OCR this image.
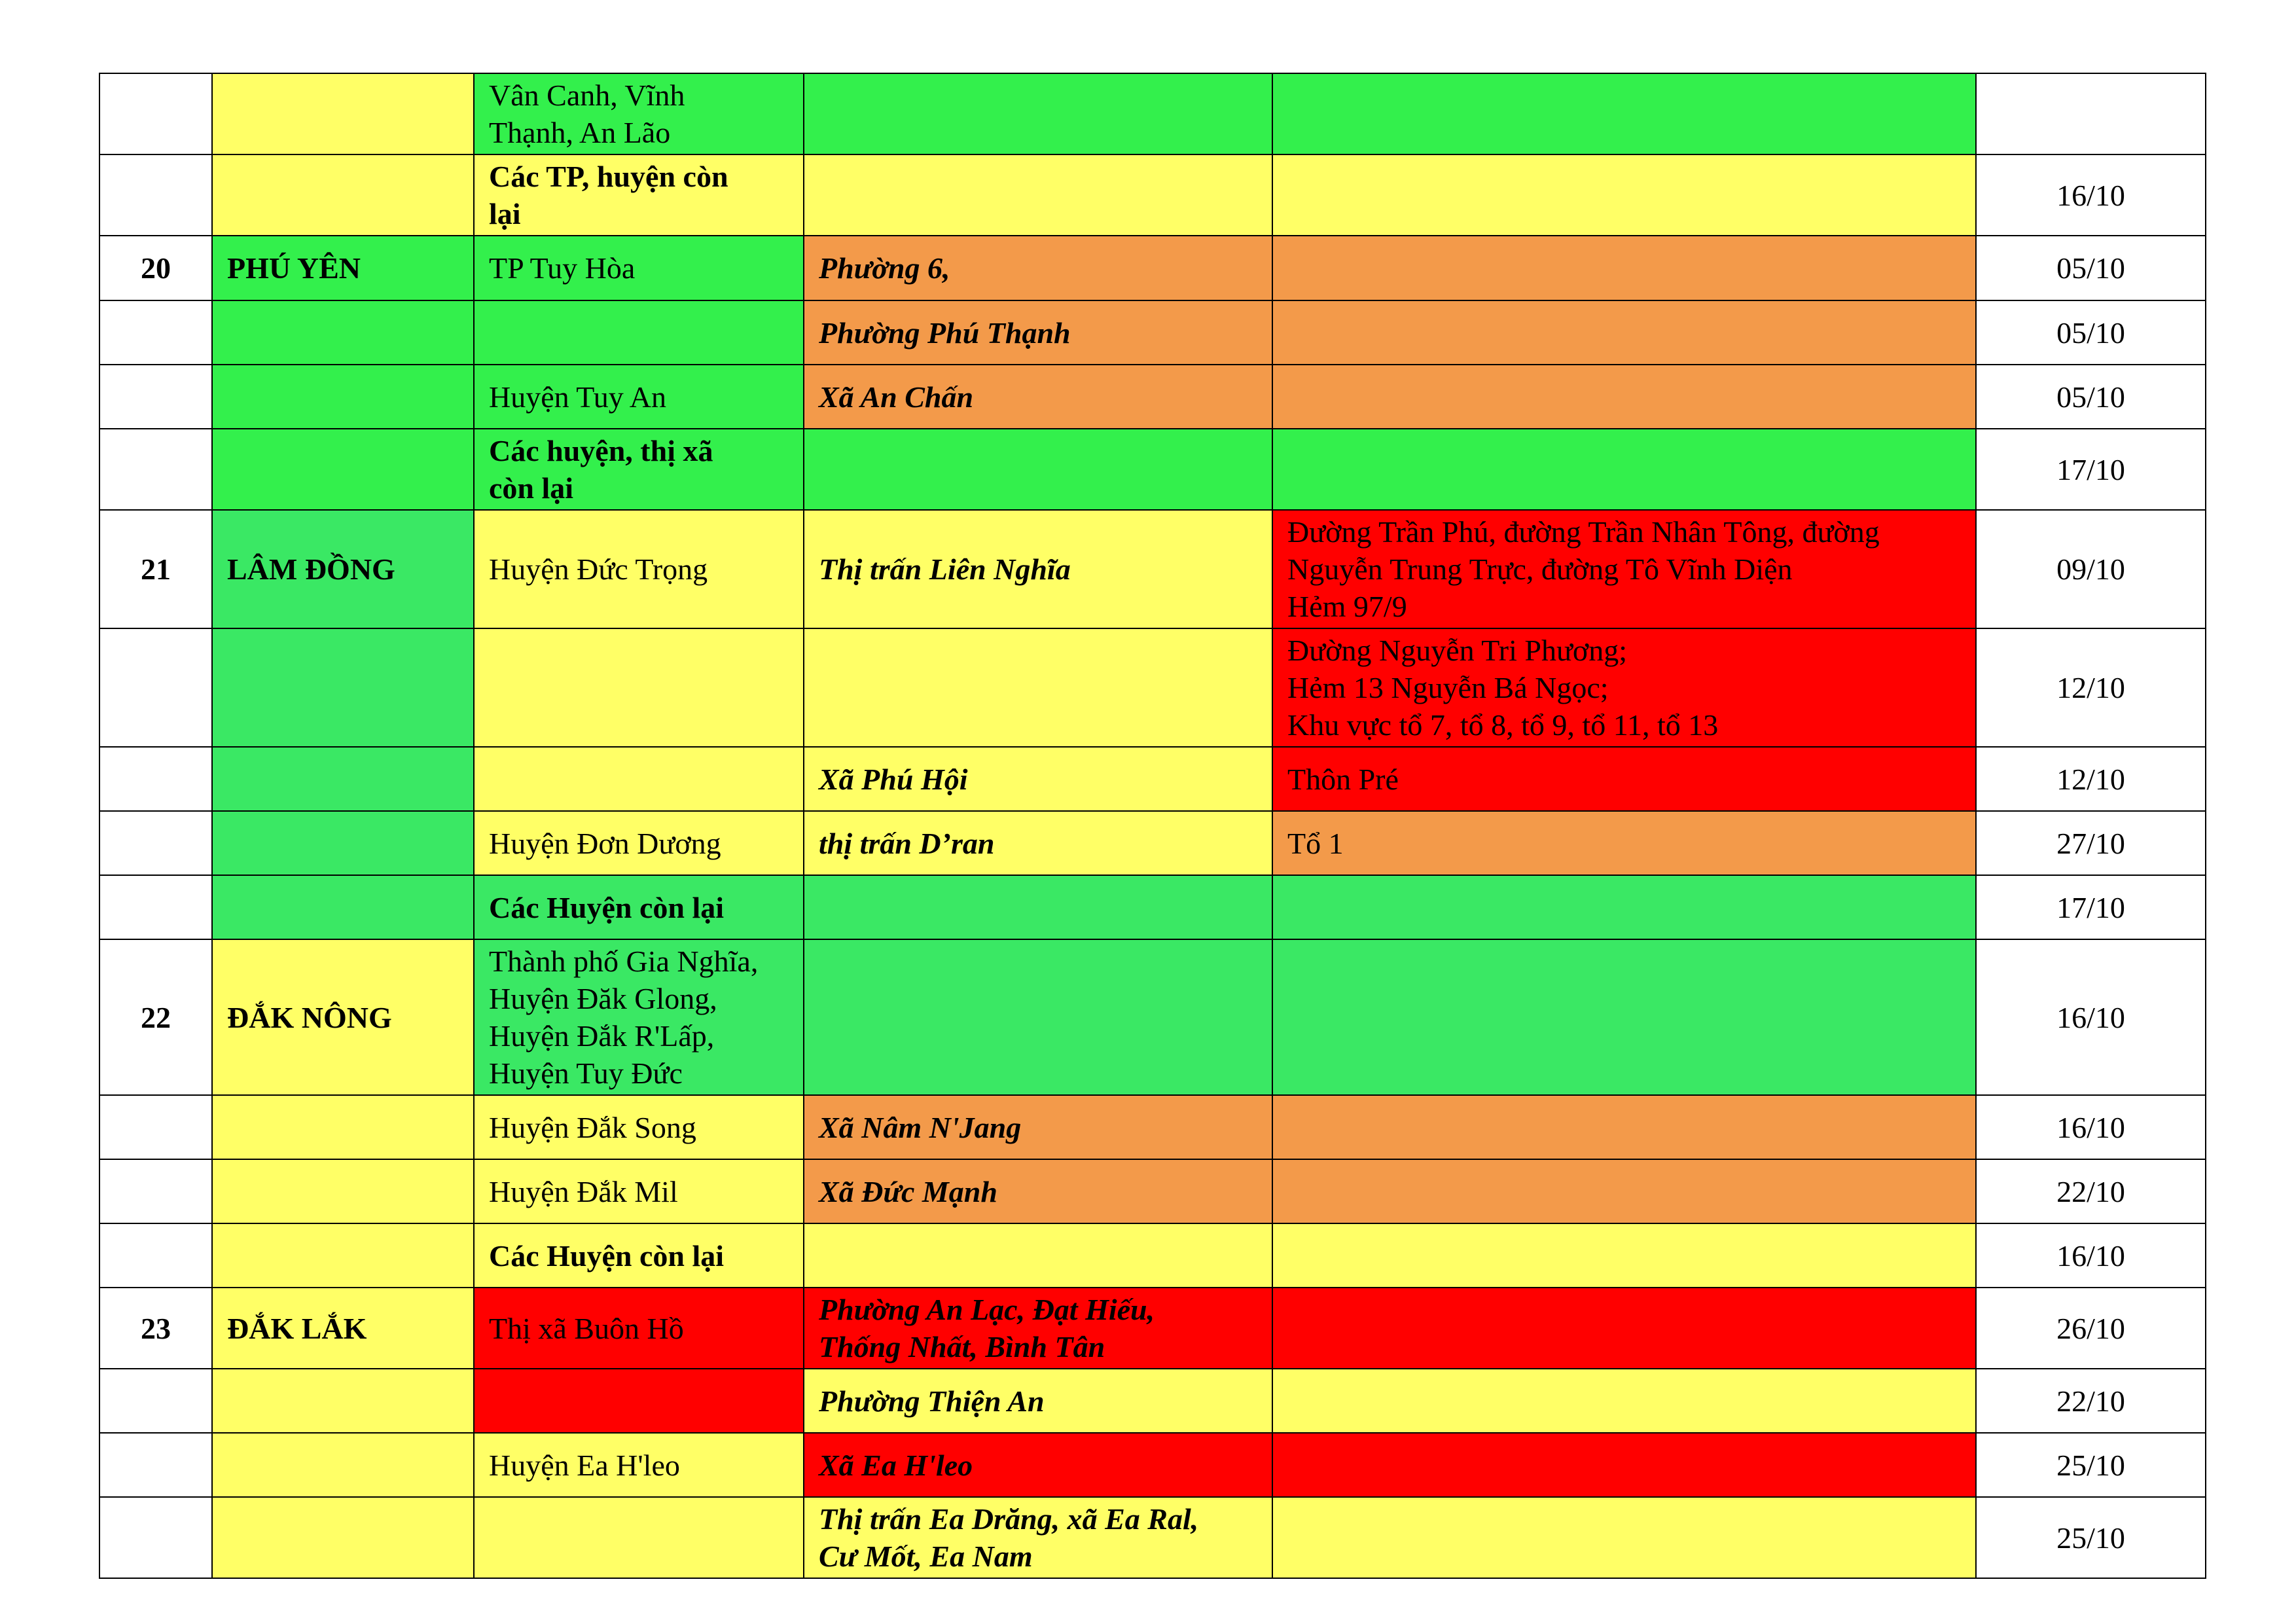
		Vân Canh, Vĩnh
Thạnh, An Lão			

		Các TP, huyện còn
lại			16/10
20	PHÚ YÊN	TP Tuy Hòa	Phường 6,		05/10

			Phường Phú Thạnh		05/10

		Huyện Tuy An	Xã An Chấn		05/10

		Các huyện, thị xã
còn lại			17/10
21	LÂM ĐỒNG	Huyện Đức Trọng	Thị trấn Liên Nghĩa	Đường Trần Phú, đường Trần Nhân Tông, đường
Nguyễn Trung Trực, đường Tô Vĩnh Diện
Hẻm 97/9	09/10

				Đường Nguyễn Tri Phương;
Hẻm 13 Nguyễn Bá Ngọc;
Khu vực tổ 7, tổ 8, tổ 9, tổ 11, tổ 13	12/10

			Xã Phú Hội	Thôn Pré	12/10

		Huyện Đơn Dương	thị trấn D’ran	Tổ 1	27/10

		Các Huyện còn lại			17/10
22	ĐẮK NÔNG	Thành phố Gia Nghĩa,
Huyện Đăk Glong,
Huyện Đắk R'Lấp,
Huyện Tuy Đức			16/10

		Huyện Đắk Song	Xã Nâm N'Jang		16/10

		Huyện Đắk Mil	Xã Đức Mạnh		22/10

		Các Huyện còn lại			16/10
23	ĐẮK LẮK	Thị xã Buôn Hồ	Phường An Lạc, Đạt Hiếu,
Thống Nhất, Bình Tân		26/10

			Phường Thiện An		22/10

		Huyện Ea H'leo	Xã Ea H'leo		25/10

			Thị trấn Ea Drăng, xã Ea Ral,
Cư Mốt, Ea Nam		25/10
